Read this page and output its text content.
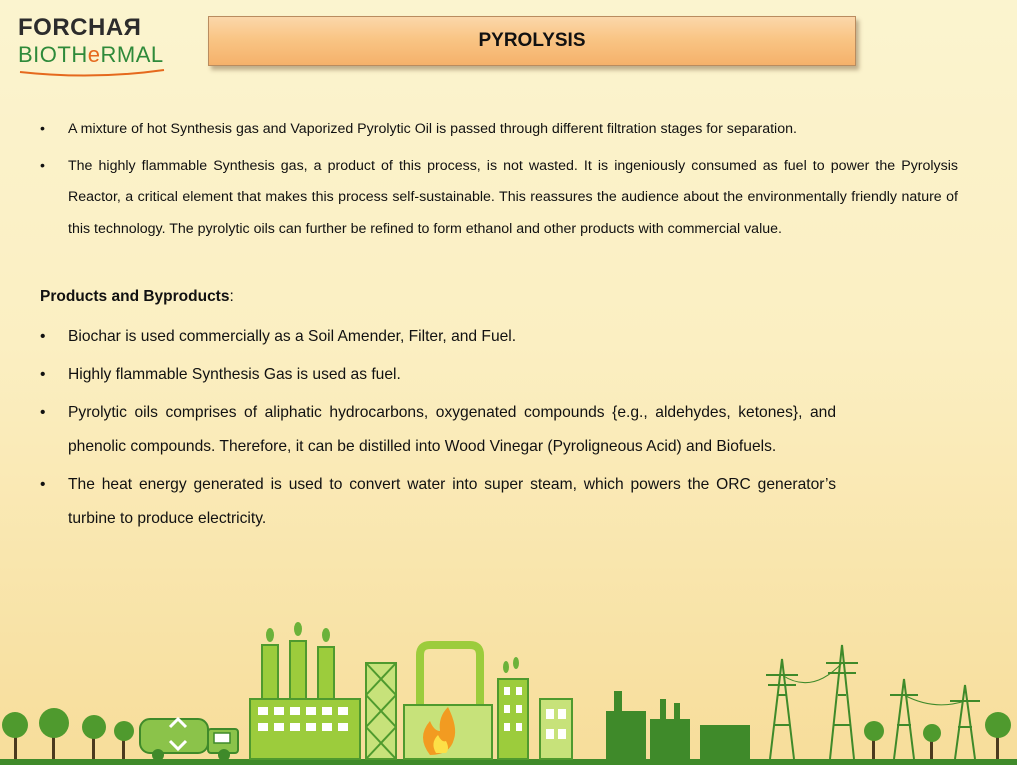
FORCHAЯ
BIOTHeRMAL
PYROLYSIS
• A mixture of hot Synthesis gas and Vaporized Pyrolytic Oil is passed through different filtration stages for separation.
• The highly flammable Synthesis gas, a product of this process, is not wasted. It is ingeniously consumed as fuel to power the Pyrolysis Reactor, a critical element that makes this process self-sustainable. This reassures the audience about the environmentally friendly nature of this technology. The pyrolytic oils can further be refined to form ethanol and other products with commercial value.
Products and Byproducts:
• Biochar is used commercially as a Soil Amender, Filter, and Fuel.
• Highly flammable Synthesis Gas is used as fuel.
• Pyrolytic oils comprises of aliphatic hydrocarbons, oxygenated compounds {e.g., aldehydes, ketones}, and phenolic compounds. Therefore, it can be distilled into Wood Vinegar (Pyroligneous Acid) and Biofuels.
• The heat energy generated is used to convert water into super steam, which powers the ORC generator’s turbine to produce electricity.
